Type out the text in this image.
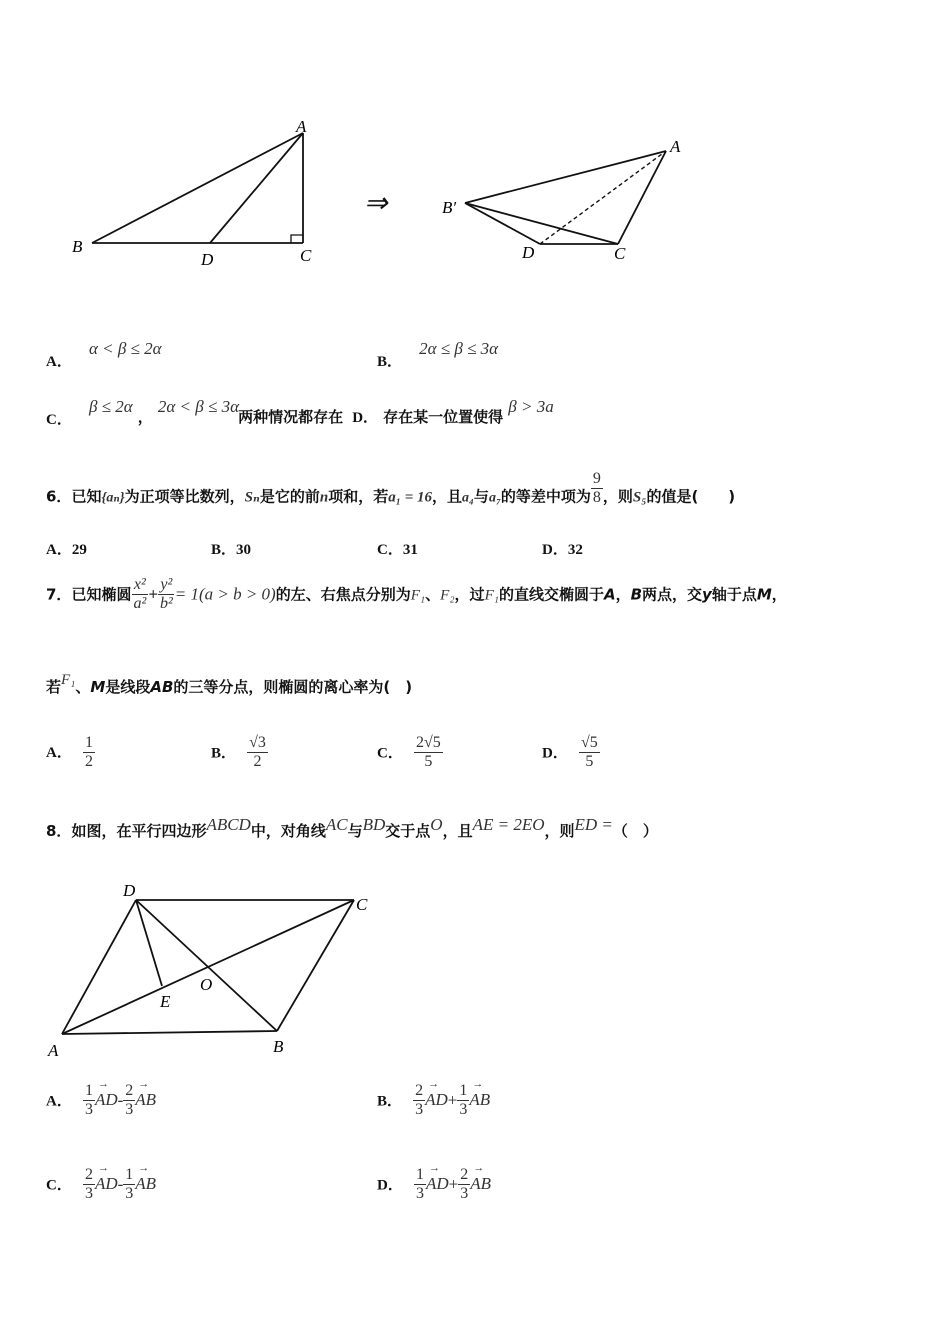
⇒
A
B	C
D
A
B′
C
D
A． α < β ≤ 2α
B． 2α ≤ β ≤ 3α
C． β ≤ 2α ， 2α < β ≤ 3α 两种情况都存在 D． 存在某一位置使得 β > 3a
6．已知{aₙ}为正项等比数列，Sₙ是它的前n项和，若a₁ = 16，且a₄与a₇的等差中项为 $\frac{9}{8}$ ，则S₅的值是(　　)
A．29	B．30	C．31	D．32
7．已知椭圆 $\frac{\text{x²}}{\text{a²}} + \frac{\text{y²}}{\text{b²}} = 1(a > b > 0)$的左、右焦点分别为F₁、F₂，过F₁的直线交椭圆于A，B两点，交y轴于点M，
若F₁、M是线段AB的三等分点，则椭圆的离心率为(　)
A． $\frac{1}{2}$	B． $\frac{√3}{2}$	C． $\frac{2√5}{5}$	D． $\frac{√5}{5}$
8．如图，在平行四边形ABCD中，对角线AC与BD交于点O，且AE = 2EO，则ED =（　）
D
C
A	B
E
O
A． $\frac{1}{3}$ →
$AD- \frac{2}{3}$ →
AB	B． $\frac{2}{3}$ →
$AD+ \frac{1}{3}$ →
AB
C． $\frac{2}{3}$ →
$AD- \frac{1}{3}$ →
AB	D． $\frac{1}{3}$ →
$AD+ \frac{2}{3}$ →
AB
